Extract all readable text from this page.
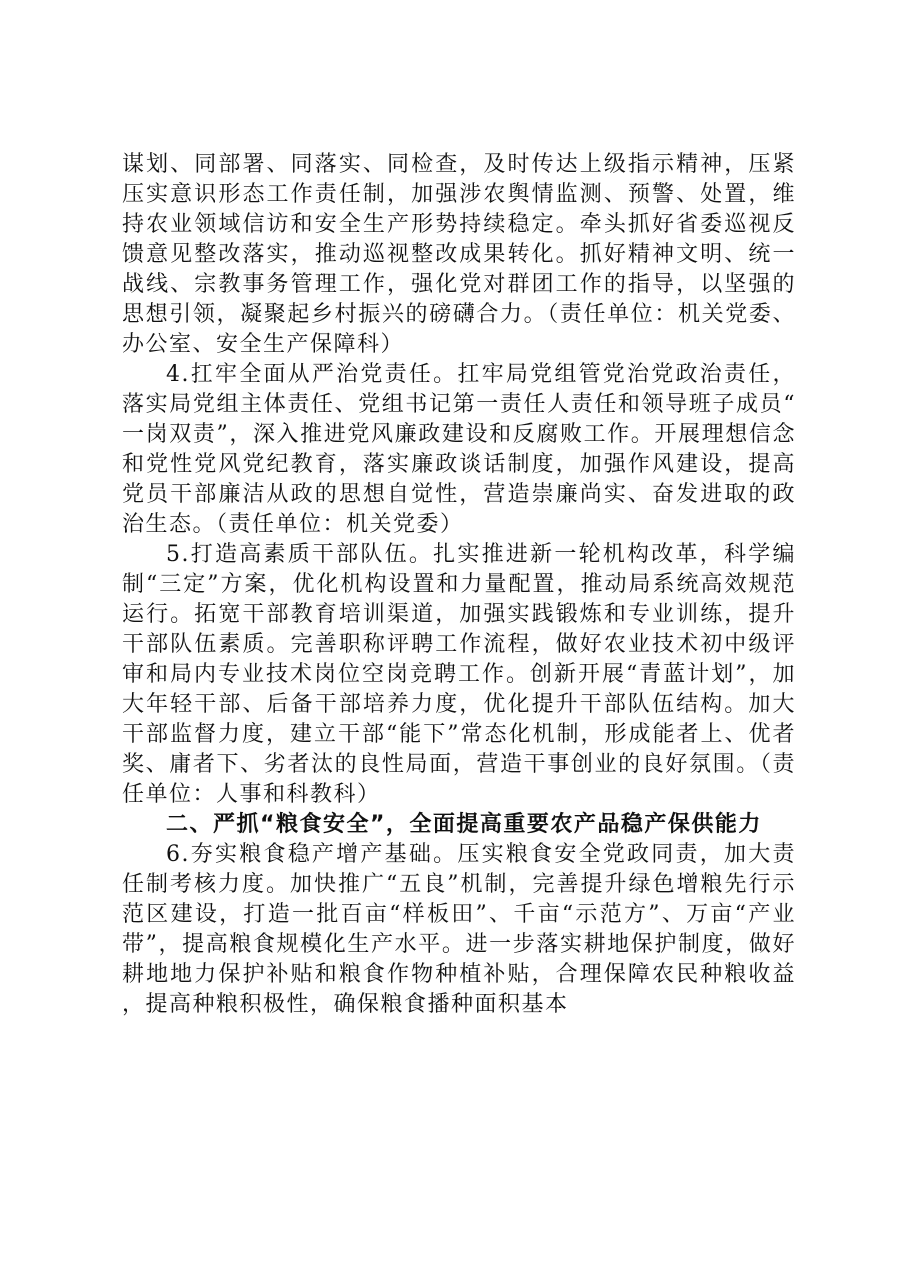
谋划、同部署、同落实、同检查，及时传达上级指示精神，压紧压实意识形态工作责任制，加强涉农舆情监测、预警、处置，维持农业领域信访和安全生产形势持续稳定。牵头抓好省委巡视反馈意见整改落实，推动巡视整改成果转化。抓好精神文明、统一战线、宗教事务管理工作，强化党对群团工作的指导，以坚强的思想引领，凝聚起乡村振兴的磅礴合力。（责任单位：机关党委、办公室、安全生产保障科）

4.扛牢全面从严治党责任。扛牢局党组管党治党政治责任，落实局党组主体责任、党组书记第一责任人责任和领导班子成员“一岗双责”，深入推进党风廉政建设和反腐败工作。开展理想信念和党性党风党纪教育，落实廉政谈话制度，加强作风建设，提高党员干部廉洁从政的思想自觉性，营造崇廉尚实、奋发进取的政治生态。（责任单位：机关党委）

5.打造高素质干部队伍。扎实推进新一轮机构改革，科学编制“三定”方案，优化机构设置和力量配置，推动局系统高效规范运行。拓宽干部教育培训渠道，加强实践锻炼和专业训练，提升干部队伍素质。完善职称评聘工作流程，做好农业技术初中级评审和局内专业技术岗位空岗竞聘工作。创新开展“青蓝计划”，加大年轻干部、后备干部培养力度，优化提升干部队伍结构。加大干部监督力度，建立干部“能下”常态化机制，形成能者上、优者奖、庸者下、劣者汰的良性局面，营造干事创业的良好氛围。（责任单位：人事和科教科）

二、严抓“粮食安全”，全面提高重要农产品稳产保供能力

6.夯实粮食稳产增产基础。压实粮食安全党政同责，加大责任制考核力度。加快推广“五良”机制，完善提升绿色增粮先行示范区建设，打造一批百亩“样板田”、千亩“示范方”、万亩“产业带”，提高粮食规模化生产水平。进一步落实耕地保护制度，做好耕地地力保护补贴和粮食作物种植补贴，合理保障农民种粮收益，提高种粮积极性，确保粮食播种面积基本
